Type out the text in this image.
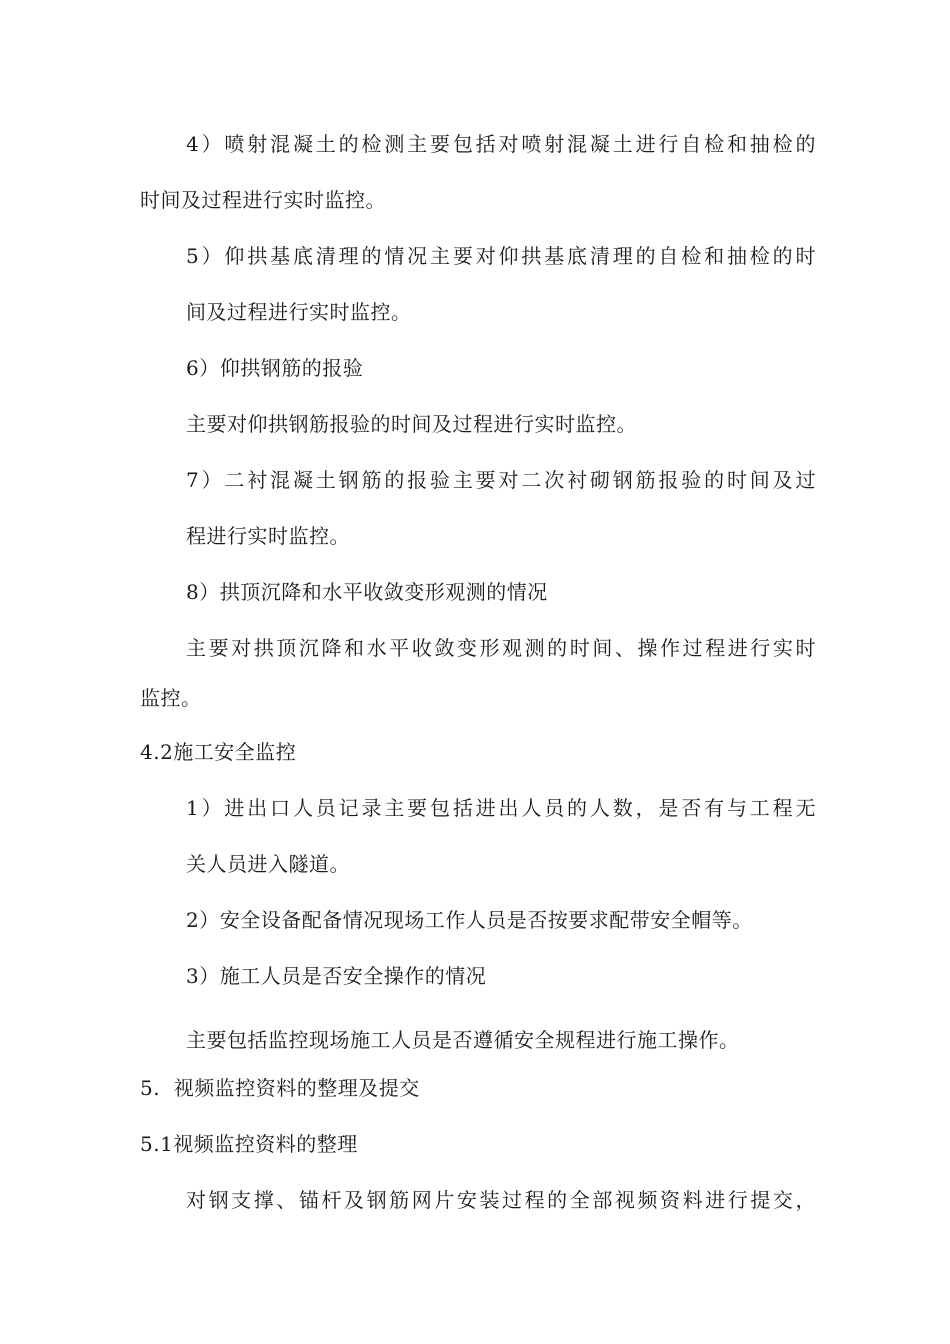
4）喷射混凝土的检测主要包括对喷射混凝土进行自检和抽检的
时间及过程进行实时监控。
5）仰拱基底清理的情况主要对仰拱基底清理的自检和抽检的时
间及过程进行实时监控。
6）仰拱钢筋的报验
主要对仰拱钢筋报验的时间及过程进行实时监控。
7）二衬混凝土钢筋的报验主要对二次衬砌钢筋报验的时间及过
程进行实时监控。
8）拱顶沉降和水平收敛变形观测的情况
主要对拱顶沉降和水平收敛变形观测的时间、操作过程进行实时
监控。
4.2施工安全监控
1）进出口人员记录主要包括进出人员的人数，是否有与工程无
关人员进入隧道。
2）安全设备配备情况现场工作人员是否按要求配带安全帽等。
3）施工人员是否安全操作的情况
主要包括监控现场施工人员是否遵循安全规程进行施工操作。
5.  视频监控资料的整理及提交
5.1视频监控资料的整理
对钢支撑、锚杆及钢筋网片安装过程的全部视频资料进行提交，
